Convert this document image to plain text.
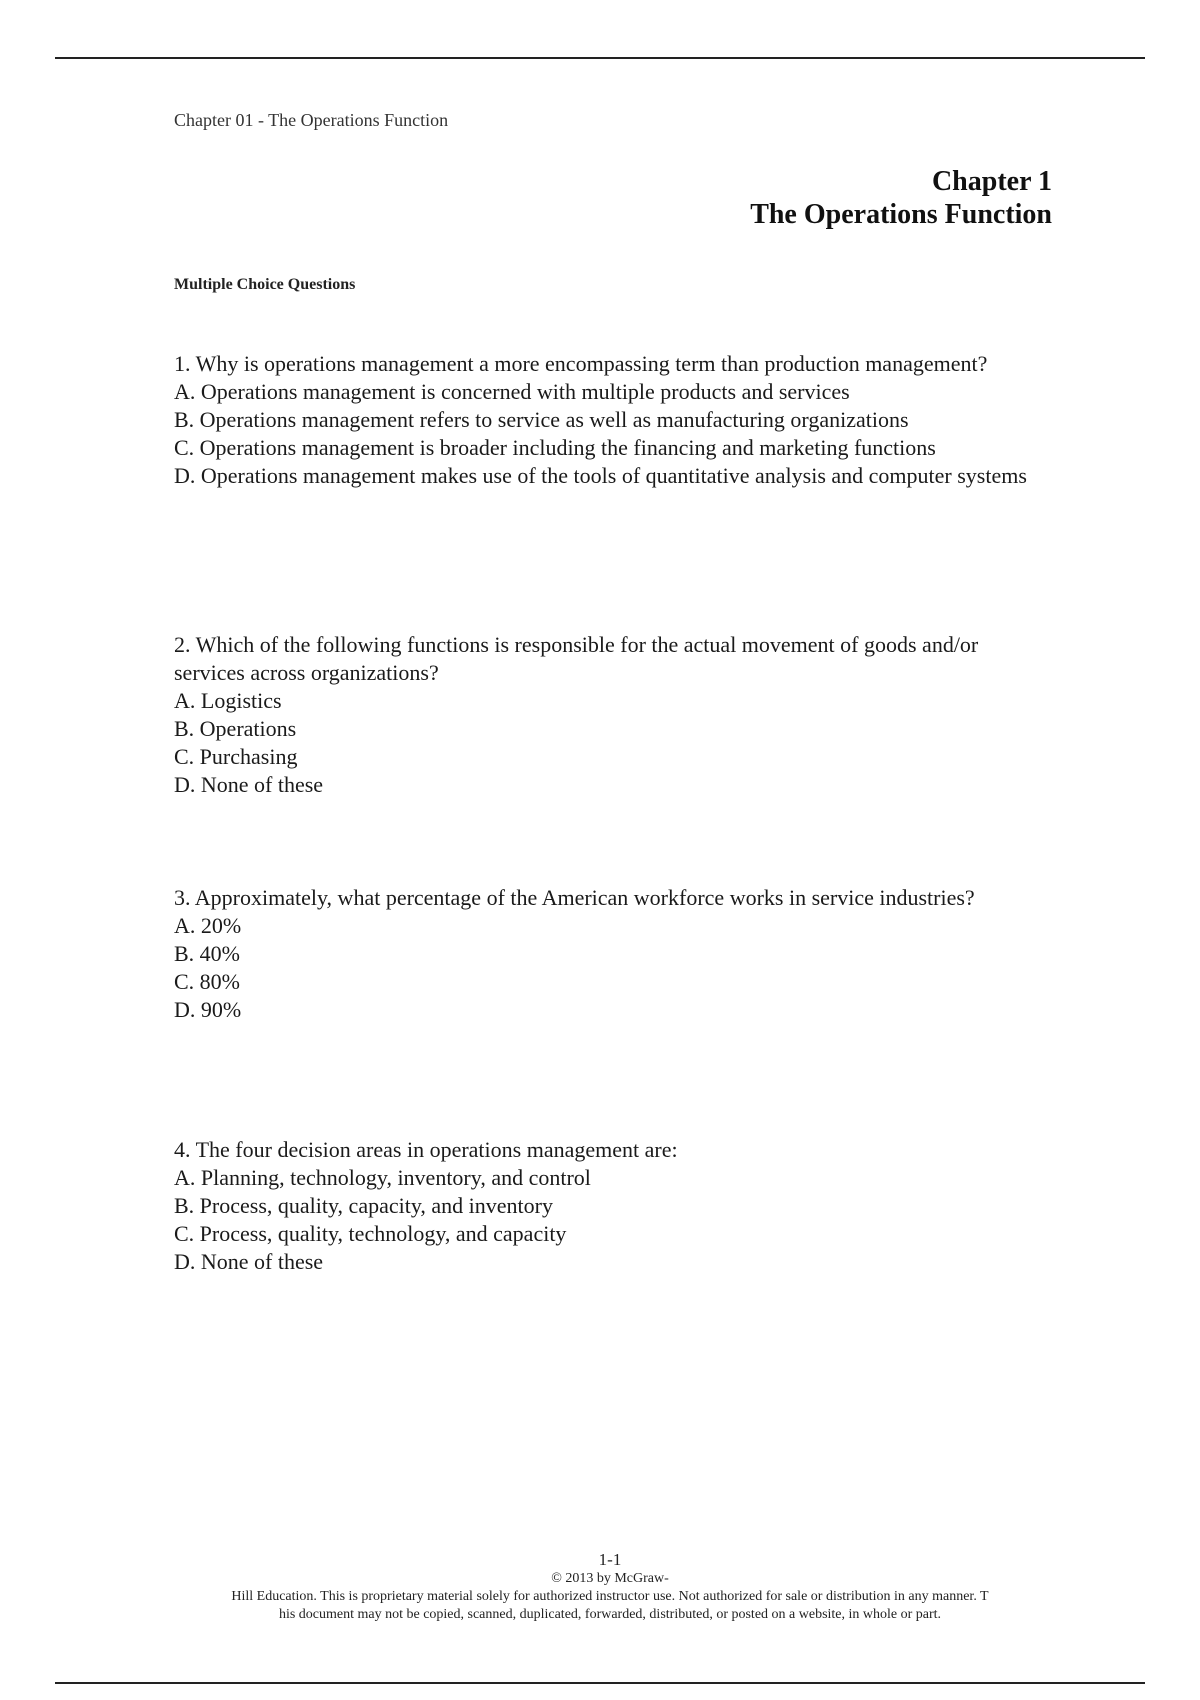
Chapter 01 - The Operations Function
Chapter 1
The Operations Function
Multiple Choice Questions
1. Why is operations management a more encompassing term than production management?
A. Operations management is concerned with multiple products and services
B. Operations management refers to service as well as manufacturing organizations
C. Operations management is broader including the financing and marketing functions
D. Operations management makes use of the tools of quantitative analysis and computer systems
2. Which of the following functions is responsible for the actual movement of goods and/or services across organizations?
A. Logistics
B. Operations
C. Purchasing
D. None of these
3. Approximately, what percentage of the American workforce works in service industries?
A. 20%
B. 40%
C. 80%
D. 90%
4. The four decision areas in operations management are:
A. Planning, technology, inventory, and control
B. Process, quality, capacity, and inventory
C. Process, quality, technology, and capacity
D. None of these
1-1
© 2013 by McGraw-
Hill Education. This is proprietary material solely for authorized instructor use. Not authorized for sale or distribution in any manner. T
his document may not be copied, scanned, duplicated, forwarded, distributed, or posted on a website, in whole or part.
